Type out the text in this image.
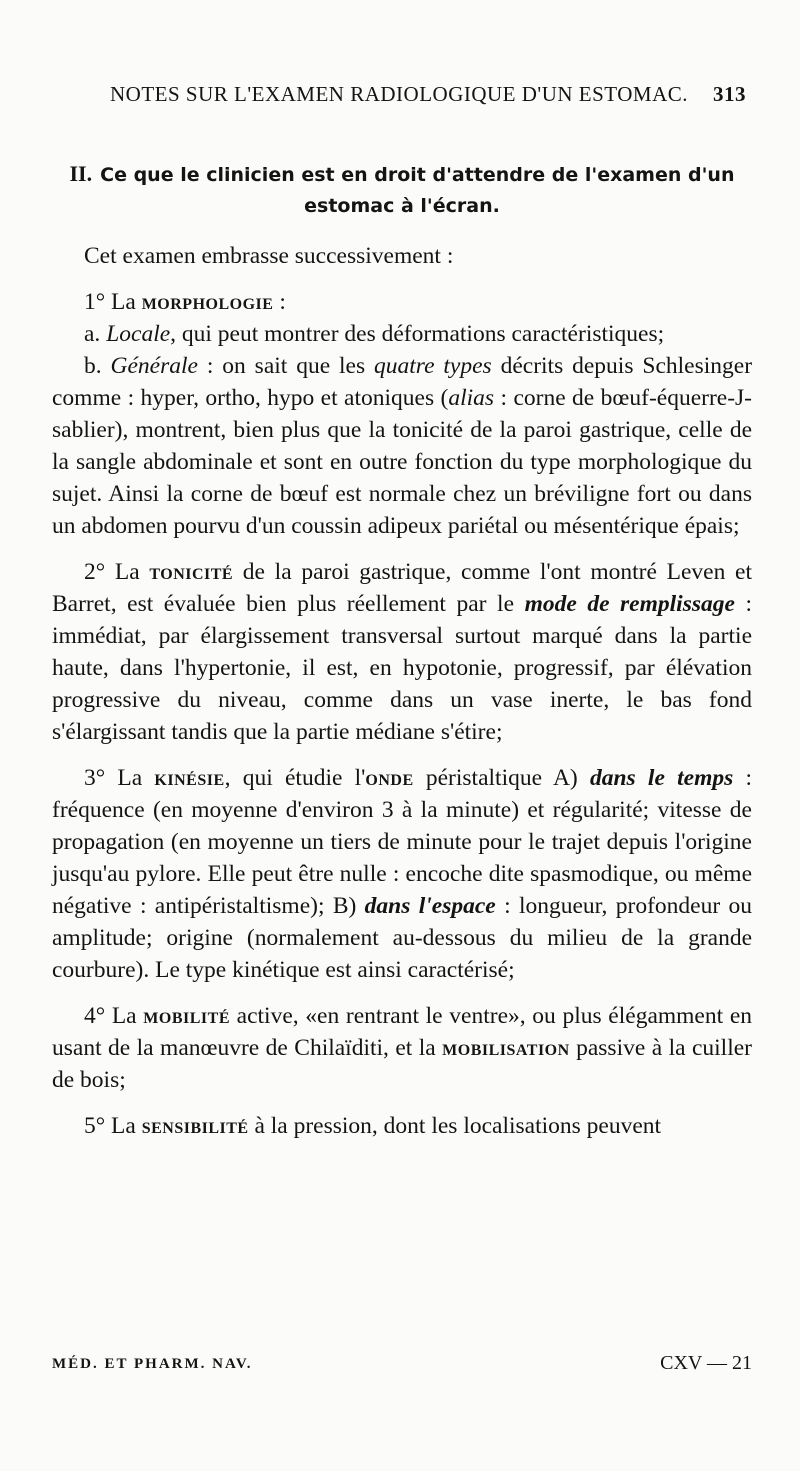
NOTES SUR L'EXAMEN RADIOLOGIQUE D'UN ESTOMAC. 313
II. Ce que le clinicien est en droit d'attendre de l'examen d'un estomac à l'écran.

Cet examen embrasse successivement :

1° La morphologie :

a. Locale, qui peut montrer des déformations caractéristiques;

b. Générale : on sait que les quatre types décrits depuis Schlesinger comme : hyper, ortho, hypo et atoniques (alias : corne de bœuf-équerre-J-sablier), montrent, bien plus que la tonicité de la paroi gastrique, celle de la sangle abdominale et sont en outre fonction du type morphologique du sujet. Ainsi la corne de bœuf est normale chez un bréviligne fort ou dans un abdomen pourvu d'un coussin adipeux pariétal ou mésentérique épais;

2° La tonicité de la paroi gastrique, comme l'ont montré Leven et Barret, est évaluée bien plus réellement par le mode de remplissage : immédiat, par élargissement transversal surtout marqué dans la partie haute, dans l'hypertonie, il est, en hypotonie, progressif, par élévation progressive du niveau, comme dans un vase inerte, le bas fond s'élargissant tandis que la partie médiane s'étire;

3° La kinésie, qui étudie l'onde péristaltique A) dans le temps : fréquence (en moyenne d'environ 3 à la minute) et régularité; vitesse de propagation (en moyenne un tiers de minute pour le trajet depuis l'origine jusqu'au pylore. Elle peut être nulle : encoche dite spasmodique, ou même négative : antipéristaltisme); B) dans l'espace : longueur, profondeur ou amplitude; origine (normalement au-dessous du milieu de la grande courbure). Le type kinétique est ainsi caractérisé;

4° La mobilité active, «en rentrant le ventre», ou plus élégamment en usant de la manœuvre de Chilaïditi, et la mobilisation passive à la cuiller de bois;

5° La sensibilité à la pression, dont les localisations peuvent

MÉD. ET PHARM. NAV.	CXV — 21
